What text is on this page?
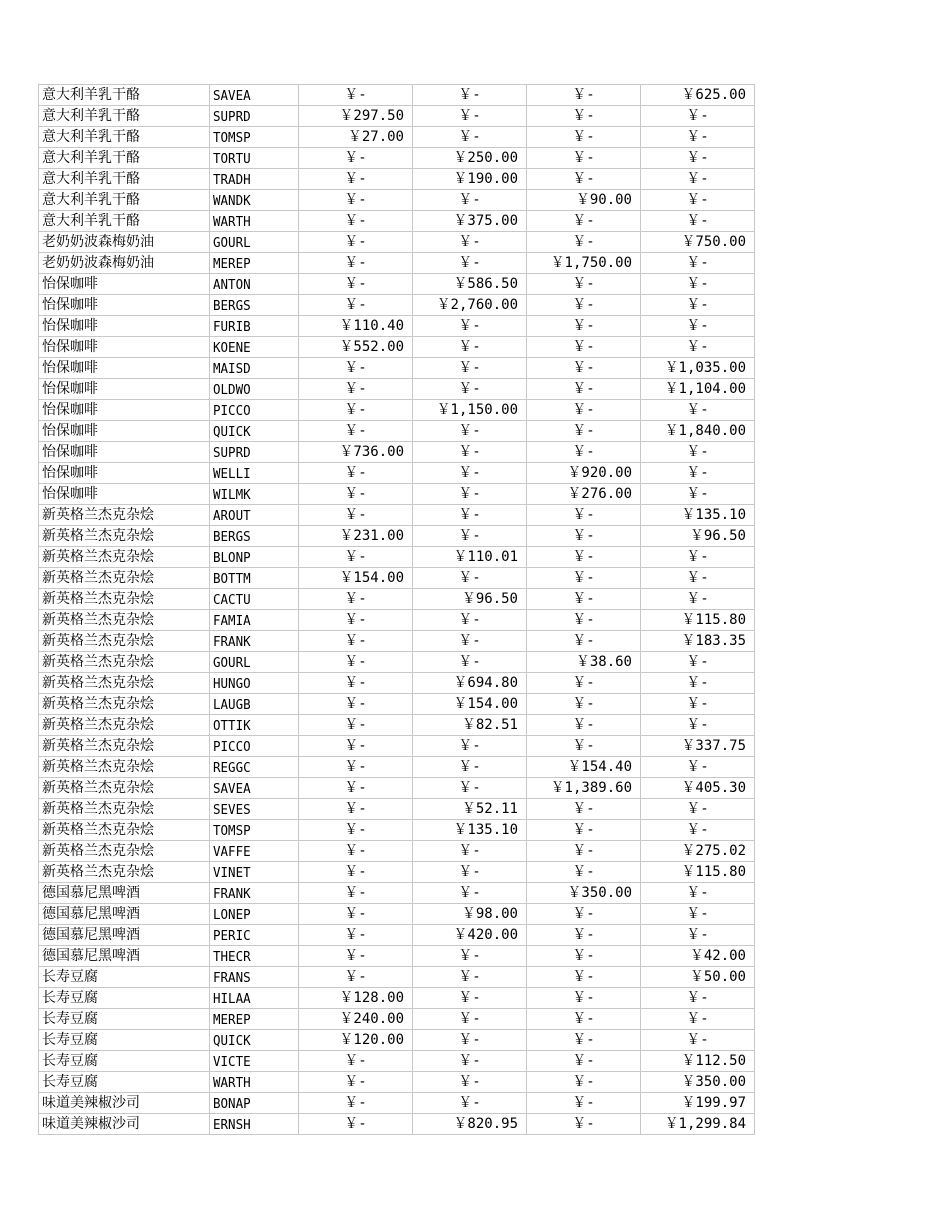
意大利羊乳干酪	SAVEA	￥-	￥-	￥-	￥625.00
意大利羊乳干酪	SUPRD	￥297.50	￥-	￥-	￥-
意大利羊乳干酪	TOMSP	￥27.00	￥-	￥-	￥-
意大利羊乳干酪	TORTU	￥-	￥250.00	￥-	￥-
意大利羊乳干酪	TRADH	￥-	￥190.00	￥-	￥-
意大利羊乳干酪	WANDK	￥-	￥-	￥90.00	￥-
意大利羊乳干酪	WARTH	￥-	￥375.00	￥-	￥-
老奶奶波森梅奶油	GOURL	￥-	￥-	￥-	￥750.00
老奶奶波森梅奶油	MEREP	￥-	￥-	￥1,750.00	￥-
怡保咖啡	ANTON	￥-	￥586.50	￥-	￥-
怡保咖啡	BERGS	￥-	￥2,760.00	￥-	￥-
怡保咖啡	FURIB	￥110.40	￥-	￥-	￥-
怡保咖啡	KOENE	￥552.00	￥-	￥-	￥-
怡保咖啡	MAISD	￥-	￥-	￥-	￥1,035.00
怡保咖啡	OLDWO	￥-	￥-	￥-	￥1,104.00
怡保咖啡	PICCO	￥-	￥1,150.00	￥-	￥-
怡保咖啡	QUICK	￥-	￥-	￥-	￥1,840.00
怡保咖啡	SUPRD	￥736.00	￥-	￥-	￥-
怡保咖啡	WELLI	￥-	￥-	￥920.00	￥-
怡保咖啡	WILMK	￥-	￥-	￥276.00	￥-
新英格兰杰克杂烩	AROUT	￥-	￥-	￥-	￥135.10
新英格兰杰克杂烩	BERGS	￥231.00	￥-	￥-	￥96.50
新英格兰杰克杂烩	BLONP	￥-	￥110.01	￥-	￥-
新英格兰杰克杂烩	BOTTM	￥154.00	￥-	￥-	￥-
新英格兰杰克杂烩	CACTU	￥-	￥96.50	￥-	￥-
新英格兰杰克杂烩	FAMIA	￥-	￥-	￥-	￥115.80
新英格兰杰克杂烩	FRANK	￥-	￥-	￥-	￥183.35
新英格兰杰克杂烩	GOURL	￥-	￥-	￥38.60	￥-
新英格兰杰克杂烩	HUNGO	￥-	￥694.80	￥-	￥-
新英格兰杰克杂烩	LAUGB	￥-	￥154.00	￥-	￥-
新英格兰杰克杂烩	OTTIK	￥-	￥82.51	￥-	￥-
新英格兰杰克杂烩	PICCO	￥-	￥-	￥-	￥337.75
新英格兰杰克杂烩	REGGC	￥-	￥-	￥154.40	￥-
新英格兰杰克杂烩	SAVEA	￥-	￥-	￥1,389.60	￥405.30
新英格兰杰克杂烩	SEVES	￥-	￥52.11	￥-	￥-
新英格兰杰克杂烩	TOMSP	￥-	￥135.10	￥-	￥-
新英格兰杰克杂烩	VAFFE	￥-	￥-	￥-	￥275.02
新英格兰杰克杂烩	VINET	￥-	￥-	￥-	￥115.80
德国慕尼黑啤酒	FRANK	￥-	￥-	￥350.00	￥-
德国慕尼黑啤酒	LONEP	￥-	￥98.00	￥-	￥-
德国慕尼黑啤酒	PERIC	￥-	￥420.00	￥-	￥-
德国慕尼黑啤酒	THECR	￥-	￥-	￥-	￥42.00
长寿豆腐	FRANS	￥-	￥-	￥-	￥50.00
长寿豆腐	HILAA	￥128.00	￥-	￥-	￥-
长寿豆腐	MEREP	￥240.00	￥-	￥-	￥-
长寿豆腐	QUICK	￥120.00	￥-	￥-	￥-
长寿豆腐	VICTE	￥-	￥-	￥-	￥112.50
长寿豆腐	WARTH	￥-	￥-	￥-	￥350.00
味道美辣椒沙司	BONAP	￥-	￥-	￥-	￥199.97
味道美辣椒沙司	ERNSH	￥-	￥820.95	￥-	￥1,299.84
